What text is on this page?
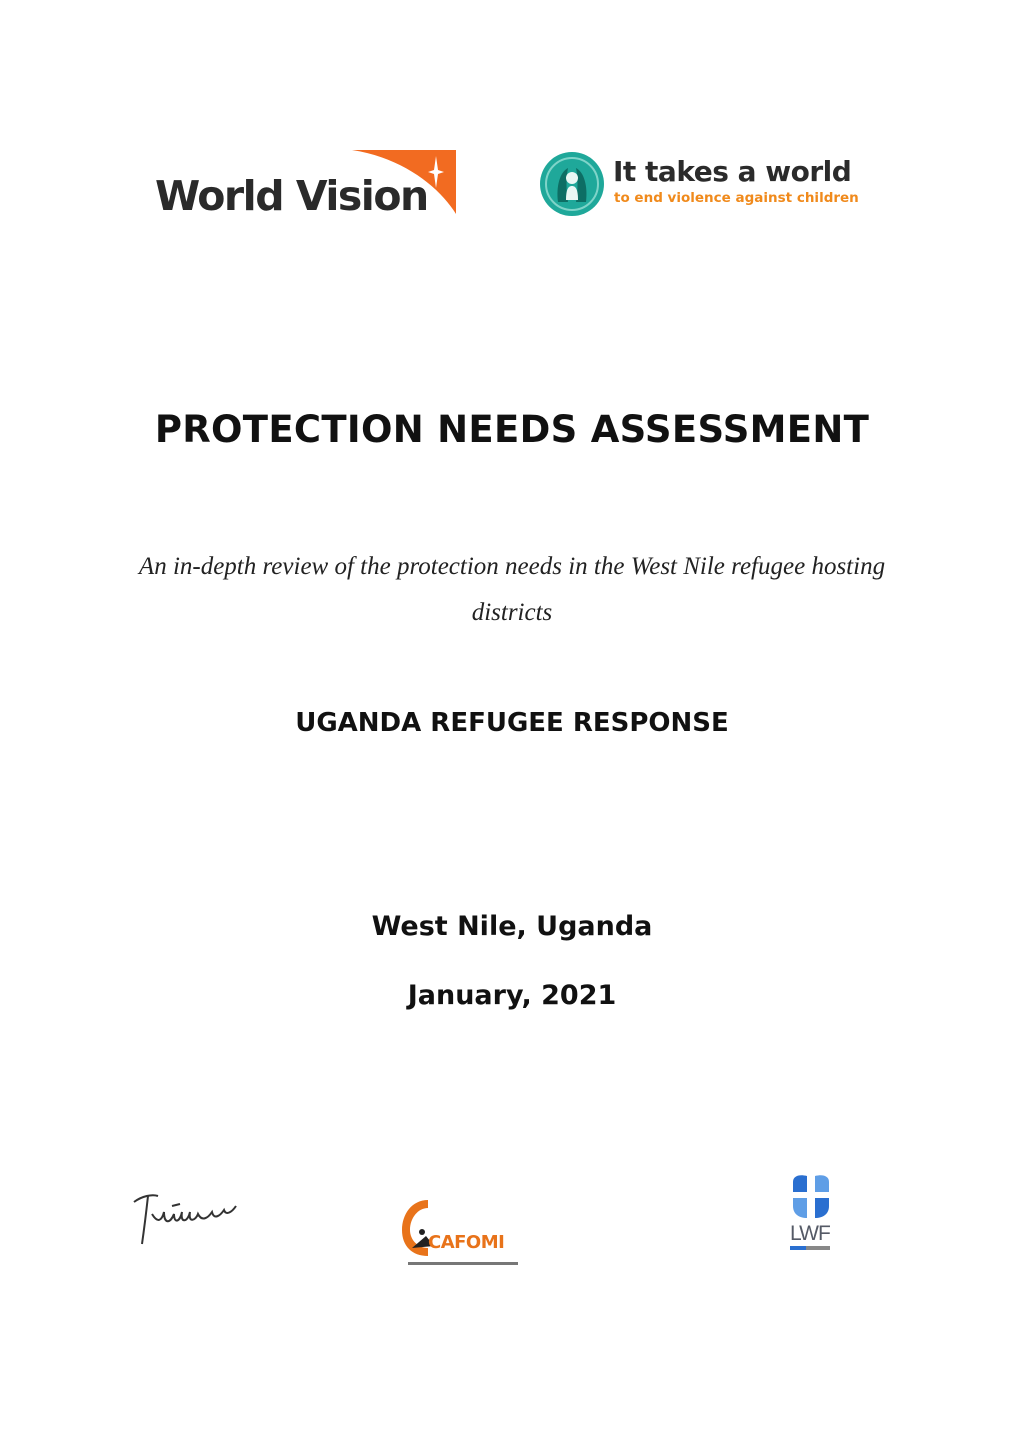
World Vision
It takes a world
to end violence against children
PROTECTION NEEDS ASSESSMENT
An in-depth review of the protection needs in the West Nile refugee hosting districts
UGANDA REFUGEE RESPONSE
West Nile, Uganda
January, 2021
CAFOMI	LWF
